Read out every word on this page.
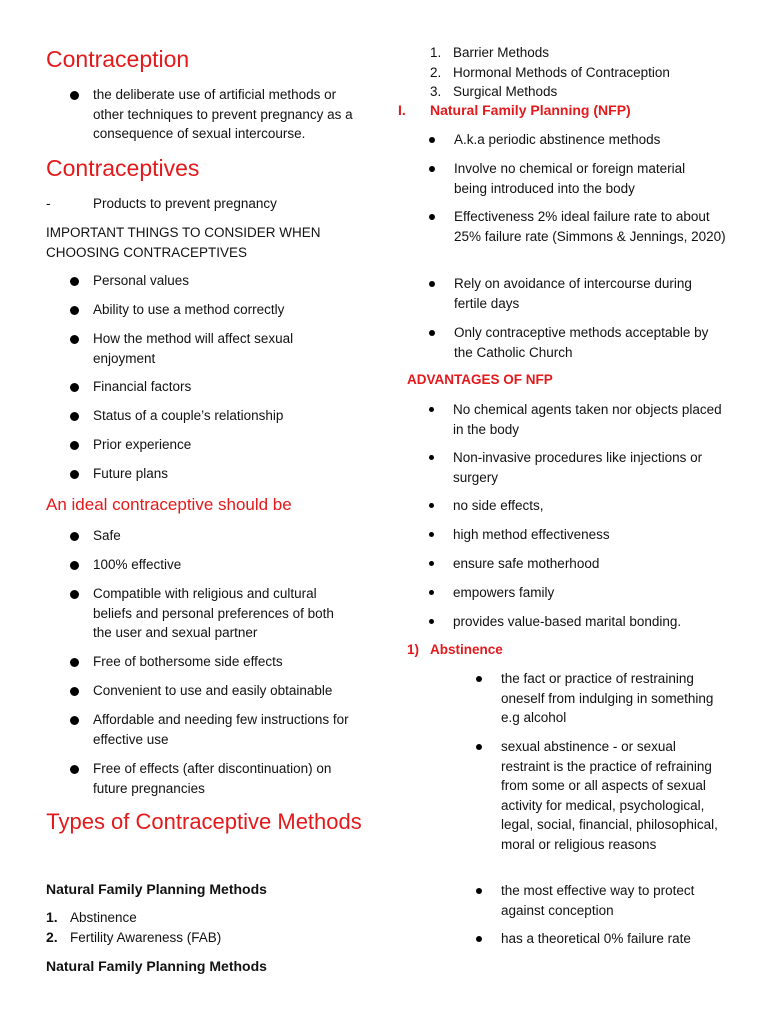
Contraception
the deliberate use of artificial methods or other techniques to prevent pregnancy as a consequence of sexual intercourse.
Contraceptives
-	Products to prevent pregnancy
IMPORTANT THINGS TO CONSIDER WHEN CHOOSING CONTRACEPTIVES
Personal values
Ability to use a method correctly
How the method will affect sexual enjoyment
Financial factors
Status of a couple’s relationship
Prior experience
Future plans
An ideal contraceptive should be
Safe
100% effective
Compatible with religious and cultural beliefs and personal preferences of both the user and sexual partner
Free of bothersome side effects
Convenient to use and easily obtainable
Affordable and needing few instructions for effective use
Free of effects (after discontinuation) on future pregnancies
Types of Contraceptive Methods
Natural Family Planning Methods
1. Abstinence
2. Fertility Awareness (FAB)
Natural Family Planning Methods
1. Barrier Methods
2. Hormonal Methods of Contraception
3. Surgical Methods
I. Natural Family Planning (NFP)
A.k.a periodic abstinence methods
Involve no chemical or foreign material being introduced into the body
Effectiveness 2% ideal failure rate to about 25% failure rate (Simmons & Jennings, 2020)
Rely on avoidance of intercourse during fertile days
Only contraceptive methods acceptable by the Catholic Church
ADVANTAGES OF NFP
No chemical agents taken nor objects placed in the body
Non-invasive procedures like injections or surgery
no side effects,
high method effectiveness
ensure safe motherhood
empowers family
provides value-based marital bonding.
1) Abstinence
the fact or practice of restraining oneself from indulging in something e.g alcohol
sexual abstinence - or sexual restraint is the practice of refraining from some or all aspects of sexual activity for medical, psychological, legal, social, financial, philosophical, moral or religious reasons
the most effective way to protect against conception
has a theoretical 0% failure rate
